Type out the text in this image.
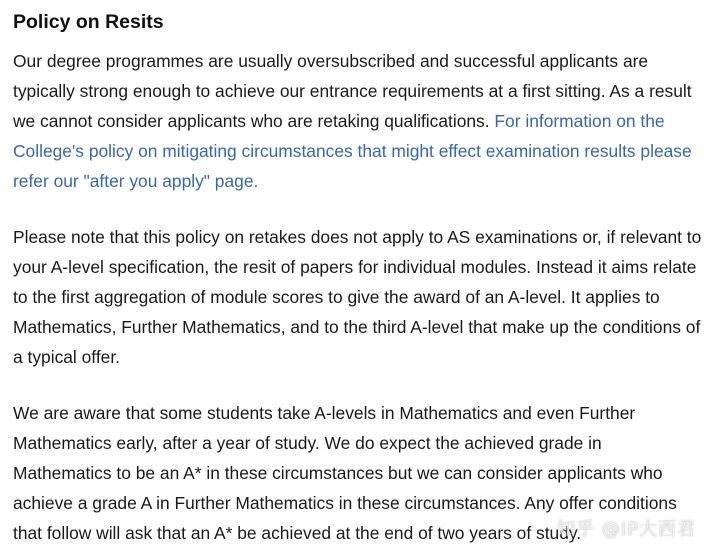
Policy on Resits

Our degree programmes are usually oversubscribed and successful applicants are typically strong enough to achieve our entrance requirements at a first sitting. As a result we cannot consider applicants who are retaking qualifications. For information on the College's policy on mitigating circumstances that might effect examination results please refer our "after you apply" page.

Please note that this policy on retakes does not apply to AS examinations or, if relevant to your A-level specification, the resit of papers for individual modules. Instead it aims relate to the first aggregation of module scores to give the award of an A-level. It applies to Mathematics, Further Mathematics, and to the third A-level that make up the conditions of a typical offer.

We are aware that some students take A-levels in Mathematics and even Further Mathematics early, after a year of study. We do expect the achieved grade in Mathematics to be an A* in these circumstances but we can consider applicants who achieve a grade A in Further Mathematics in these circumstances. Any offer conditions that follow will ask that an A* be achieved at the end of two years of study.

知乎 @IP大西君
